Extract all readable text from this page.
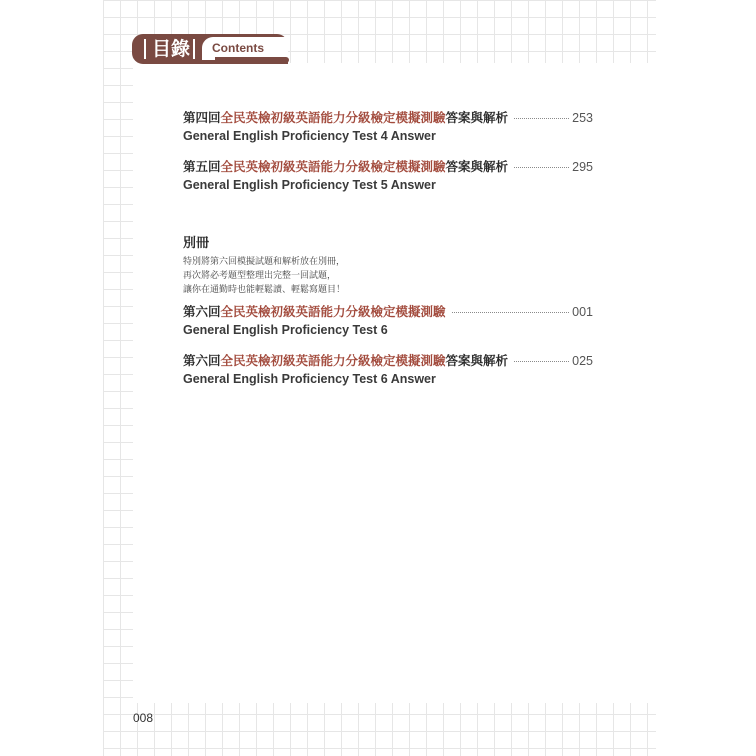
目錄 Contents
第四回全民英檢初級英語能力分級檢定模擬測驗答案與解析	253
General English Proficiency Test 4 Answer
第五回全民英檢初級英語能力分級檢定模擬測驗答案與解析	295
General English Proficiency Test 5 Answer
別冊
特別將第六回模擬試題和解析放在別冊，
再次將必考題型整理出完整一回試題，
讓你在通勤時也能輕鬆讀、輕鬆寫題目！
第六回全民英檢初級英語能力分級檢定模擬測驗	001
General English Proficiency Test 6
第六回全民英檢初級英語能力分級檢定模擬測驗答案與解析	025
General English Proficiency Test 6 Answer
008
